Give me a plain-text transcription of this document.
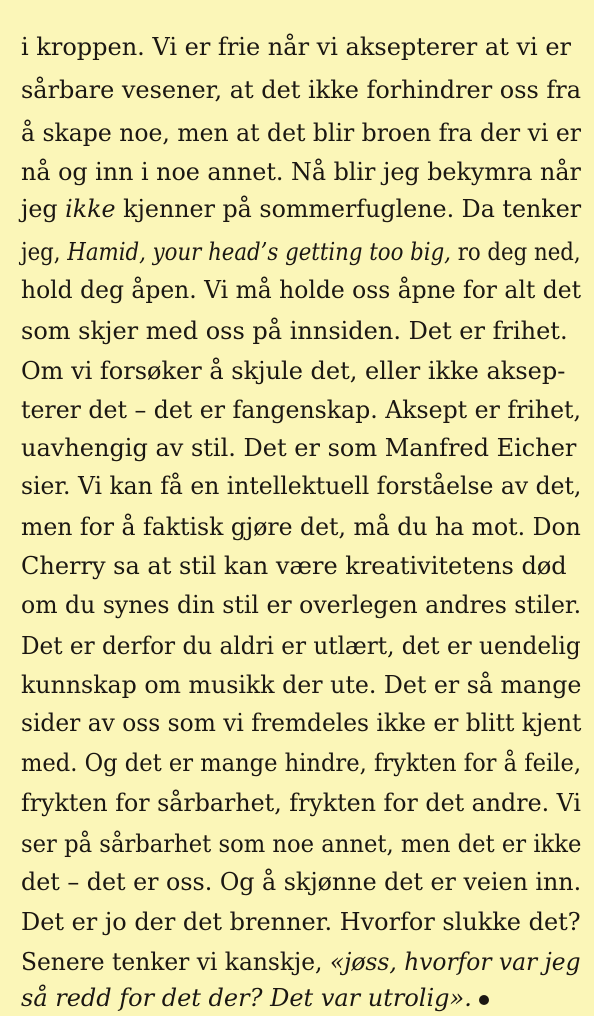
i kroppen. Vi er frie når vi aksepterer at vi er

sårbare vesener, at det ikke forhindrer oss fra

å skape noe, men at det blir broen fra der vi er

nå og inn i noe annet. Nå blir jeg bekymra når

jeg ikke kjenner på sommerfuglene. Da tenker

jeg, Hamid, your head’s getting too big, ro deg ned,

hold deg åpen. Vi må holde oss åpne for alt det

som skjer med oss på innsiden. Det er frihet.

Om vi forsøker å skjule det, eller ikke aksep-

terer det – det er fangenskap. Aksept er frihet,

uavhengig av stil. Det er som Manfred Eicher

sier. Vi kan få en intellektuell forståelse av det,

men for å faktisk gjøre det, må du ha mot. Don

Cherry sa at stil kan være kreativitetens død

om du synes din stil er overlegen andres stiler.

Det er derfor du aldri er utlært, det er uendelig

kunnskap om musikk der ute. Det er så mange

sider av oss som vi fremdeles ikke er blitt kjent

med. Og det er mange hindre, frykten for å feile,

frykten for sårbarhet, frykten for det andre. Vi

ser på sårbarhet som noe annet, men det er ikke

det – det er oss. Og å skjønne det er veien inn.

Det er jo der det brenner. Hvorfor slukke det?

Senere tenker vi kanskje, «jøss, hvorfor var jeg

så redd for det der? Det var utrolig».
